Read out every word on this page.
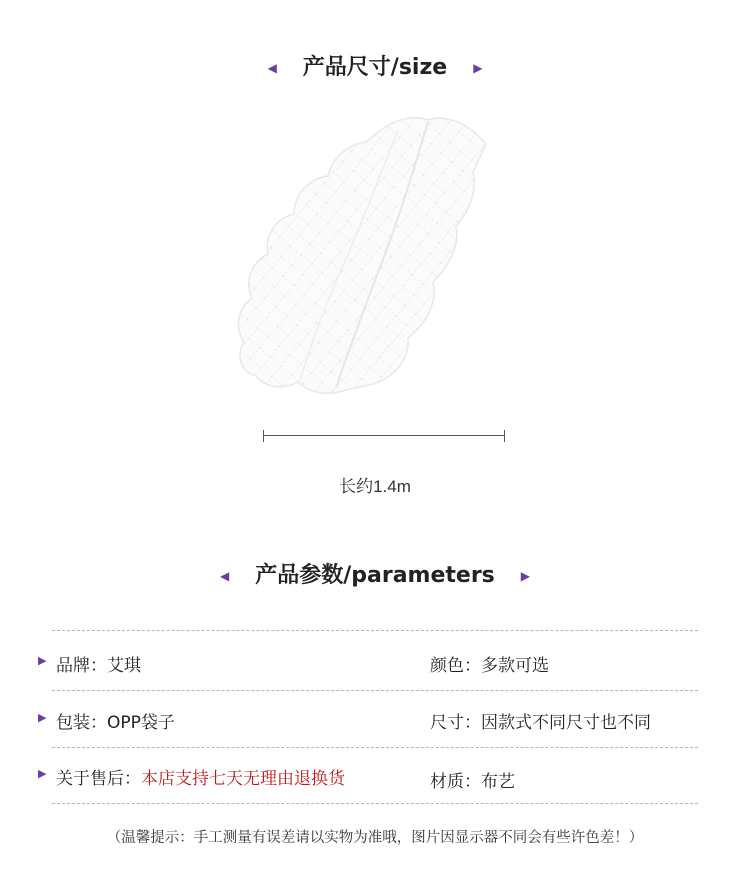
◀ 产品尺寸/size ▶
长约1.4m
◀ 产品参数/parameters ▶
▶ 品牌：艾琪	颜色：多款可选
▶ 包装：OPP袋子	尺寸：因款式不同尺寸也不同
▶ 关于售后：本店支持七天无理由退换货	材质：布艺
（温馨提示：手工测量有误差请以实物为准哦，图片因显示器不同会有些许色差！）
